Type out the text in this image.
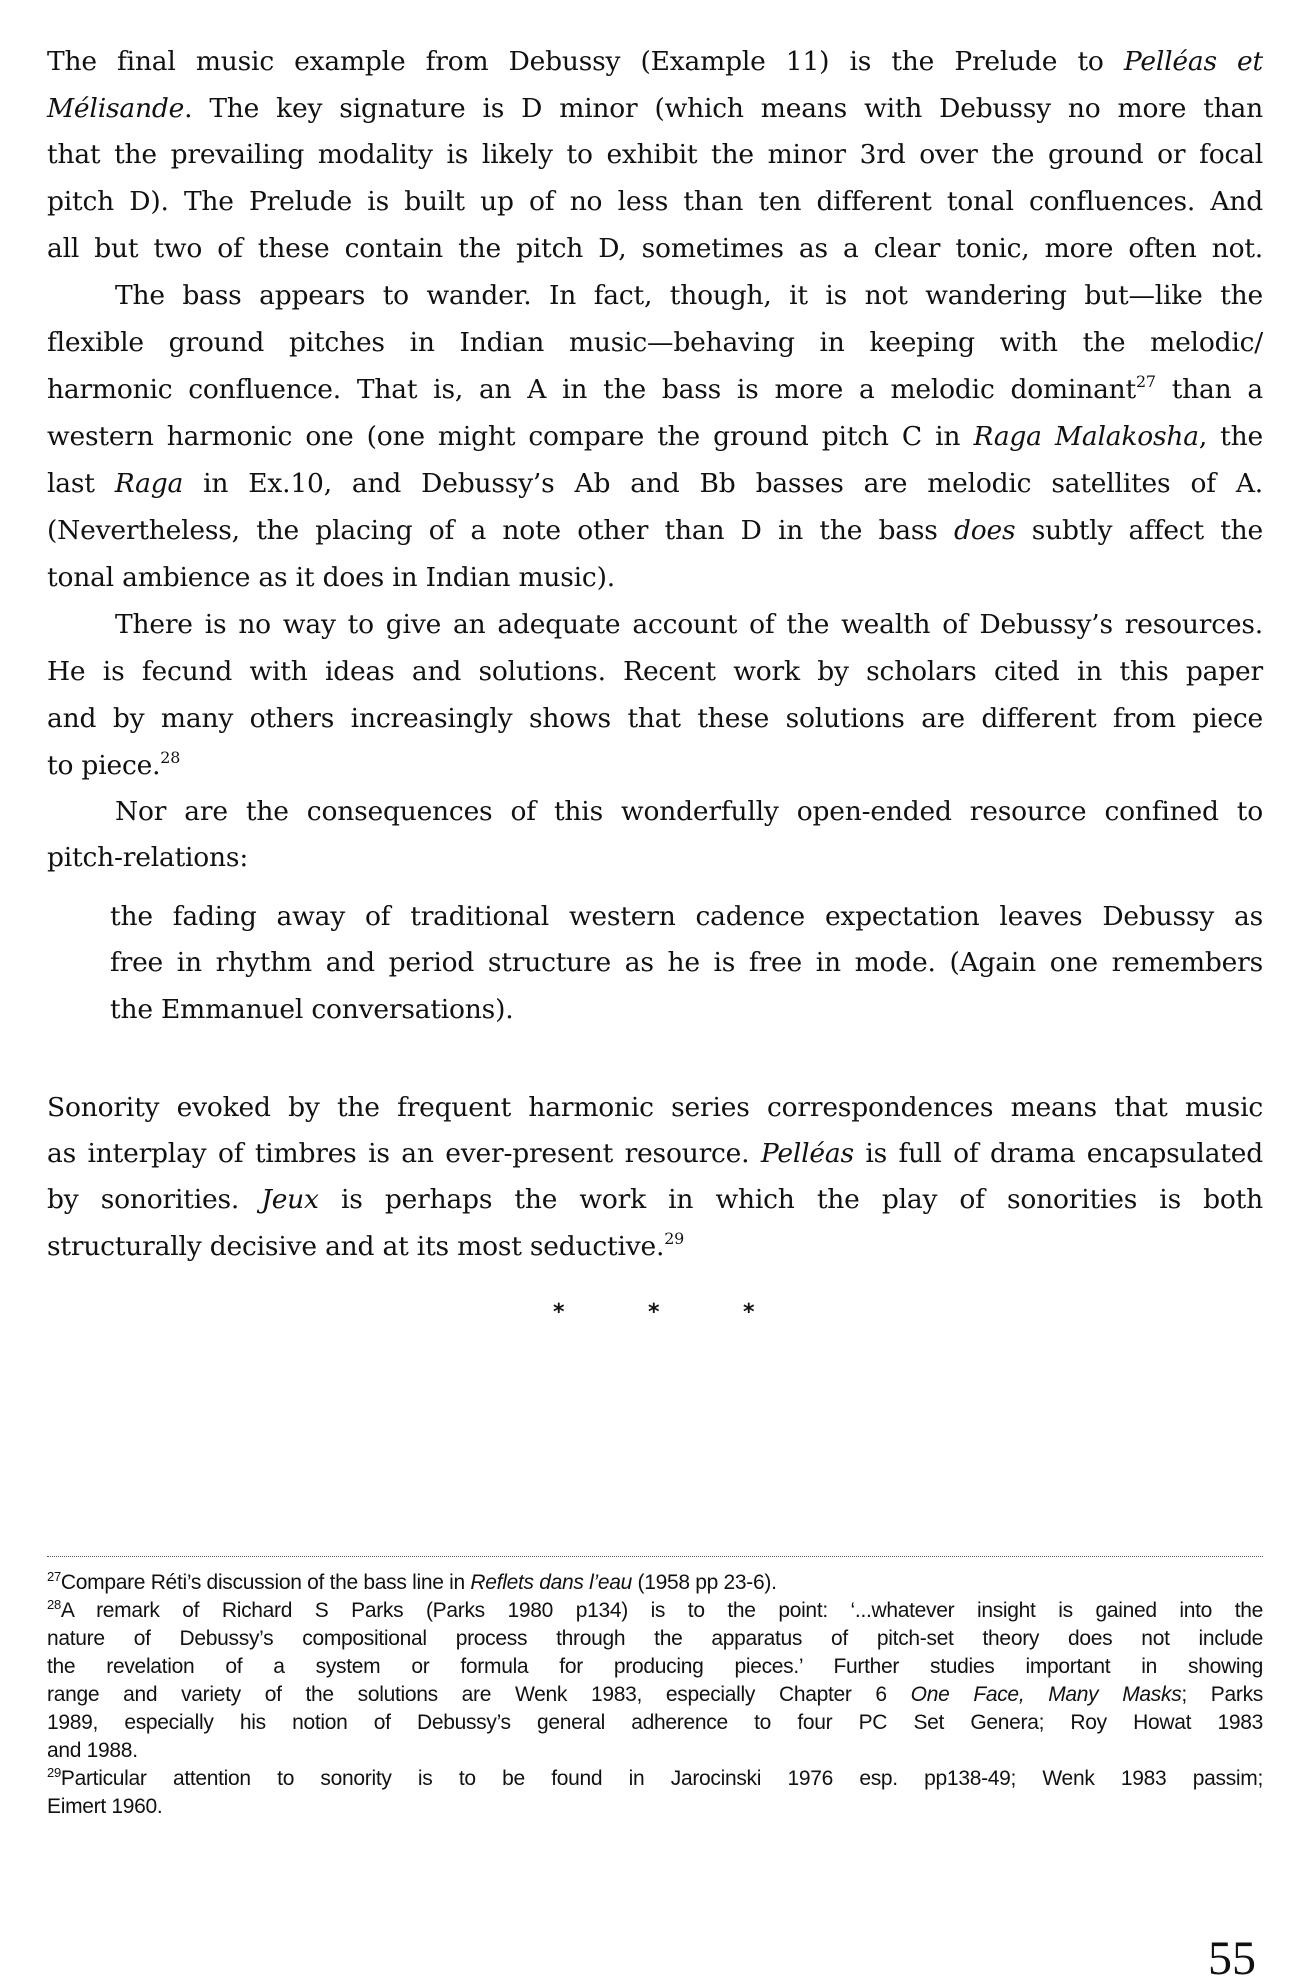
The final music example from Debussy (Example 11) is the Prelude to Pelléas et
Mélisande. The key signature is D minor (which means with Debussy no more than
that the prevailing modality is likely to exhibit the minor 3rd over the ground or focal
pitch D). The Prelude is built up of no less than ten different tonal confluences. And
all but two of these contain the pitch D, sometimes as a clear tonic, more often not.
The bass appears to wander. In fact, though, it is not wandering but—like the
flexible ground pitches in Indian music—behaving in keeping with the melodic/
harmonic confluence. That is, an A in the bass is more a melodic dominant$^{27}$ than a
western harmonic one (one might compare the ground pitch C in Raga Malakosha, the
last Raga in Ex.10, and Debussy’s Ab and Bb basses are melodic satellites of A.
(Nevertheless, the placing of a note other than D in the bass does subtly affect the
tonal ambience as it does in Indian music).
There is no way to give an adequate account of the wealth of Debussy’s resources.
He is fecund with ideas and solutions. Recent work by scholars cited in this paper
and by many others increasingly shows that these solutions are different from piece
to piece.$^{28}$
Nor are the consequences of this wonderfully open-ended resource confined to
pitch-relations:
the fading away of traditional western cadence expectation leaves Debussy as
free in rhythm and period structure as he is free in mode. (Again one remembers
the Emmanuel conversations).
Sonority evoked by the frequent harmonic series correspondences means that music
as interplay of timbres is an ever-present resource. Pelléas is full of drama encapsulated
by sonorities. Jeux is perhaps the work in which the play of sonorities is both
structurally decisive and at its most seductive.$^{29}$
*	*	*
$^{27}$Compare Réti’s discussion of the bass line in Reflets dans l’eau (1958 pp 23-6).
$^{28}$A remark of Richard S Parks (Parks 1980 p134) is to the point: ‘...whatever insight is gained into the
nature of Debussy’s compositional process through the apparatus of pitch-set theory does not include
the revelation of a system or formula for producing pieces.’ Further studies important in showing
range and variety of the solutions are Wenk 1983, especially Chapter 6 One Face, Many Masks; Parks
1989, especially his notion of Debussy’s general adherence to four PC Set Genera; Roy Howat 1983
and 1988.
$^{29}$Particular attention to sonority is to be found in Jarocinski 1976 esp. pp138-49; Wenk 1983 passim;
Eimert 1960.
55
